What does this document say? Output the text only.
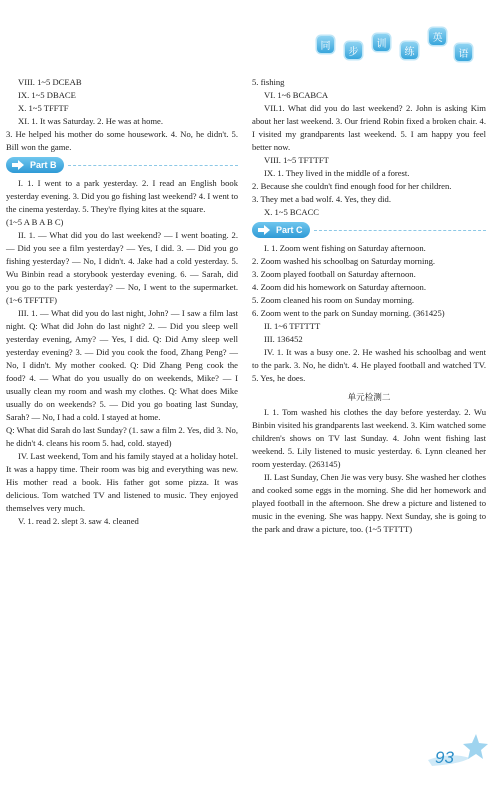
同
步
训
练
英
语

VIII. 1~5 DCEAB

IX. 1~5 DBACE

X. 1~5 TFFTF

XI. 1. It was Saturday. 2. He was at home.

3. He helped his mother do some housework. 4. No, he didn't. 5. Bill won the game.

Part B

I. 1. I went to a park yesterday. 2. I read an English book yesterday evening. 3. Did you go fishing last weekend? 4. I went to the cinema yesterday. 5. They're flying kites at the square.

(1~5 A B A B C)

II. 1. — What did you do last weekend? — I went boating. 2. — Did you see a film yesterday? — Yes, I did. 3. — Did you go fishing yesterday? — No, I didn't. 4. Jake had a cold yesterday. 5. Wu Binbin read a storybook yesterday evening. 6. — Sarah, did you go to the park yesterday? — No, I went to the supermarket. (1~6 TFFTTF)

III. 1. — What did you do last night, John? — I saw a film last night. Q: What did John do last night? 2. — Did you sleep well yesterday evening, Amy? — Yes, I did. Q: Did Amy sleep well yesterday evening? 3. — Did you cook the food, Zhang Peng? — No, I didn't. My mother cooked. Q: Did Zhang Peng cook the food? 4. — What do you usually do on weekends, Mike? — I usually clean my room and wash my clothes. Q: What does Mike usually do on weekends? 5. — Did you go boating last Sunday, Sarah? — No, I had a cold. I stayed at home.

Q: What did Sarah do last Sunday? (1. saw a film 2. Yes, did 3. No, he didn't 4. cleans his room 5. had, cold. stayed)

IV. Last weekend, Tom and his family stayed at a holiday hotel. It was a happy time. Their room was big and everything was new. His mother read a book. His father got some pizza. It was delicious. Tom watched TV and listened to music. They enjoyed themselves very much.

V. 1. read 2. slept 3. saw 4. cleaned

5. fishing

VI. 1~6 BCABCA

VII.1. What did you do last weekend? 2. John is asking Kim about her last weekend. 3. Our friend Robin fixed a broken chair. 4. I visited my grandparents last weekend. 5. I am happy you feel better now.

VIII. 1~5 TFTTFT

IX. 1. They lived in the middle of a forest.

2. Because she couldn't find enough food for her children.

3. They met a bad wolf. 4. Yes, they did.

X. 1~5 BCACC

Part C

I. 1. Zoom went fishing on Saturday afternoon.

2. Zoom washed his schoolbag on Saturday morning.

3. Zoom played football on Saturday afternoon.

4. Zoom did his homework on Saturday afternoon.

5. Zoom cleaned his room on Sunday morning.

6. Zoom went to the park on Sunday morning. (361425)

II. 1~6 TFTTTT

III. 136452

IV. 1. It was a busy one. 2. He washed his schoolbag and went to the park. 3. No, he didn't. 4. He played football and watched TV. 5. Yes, he does.

单元检测二

I. 1. Tom washed his clothes the day before yesterday. 2. Wu Binbin visited his grandparents last weekend. 3. Kim watched some children's shows on TV last Sunday. 4. John went fishing last weekend. 5. Lily listened to music yesterday. 6. Lynn cleaned her room yesterday. (263145)

II. Last Sunday, Chen Jie was very busy. She washed her clothes and cooked some eggs in the morning. She did her homework and played football in the afternoon. She drew a picture and listened to music in the evening. She was happy. Next Sunday, she is going to the park and draw a picture, too. (1~5 TFTTT)

93
